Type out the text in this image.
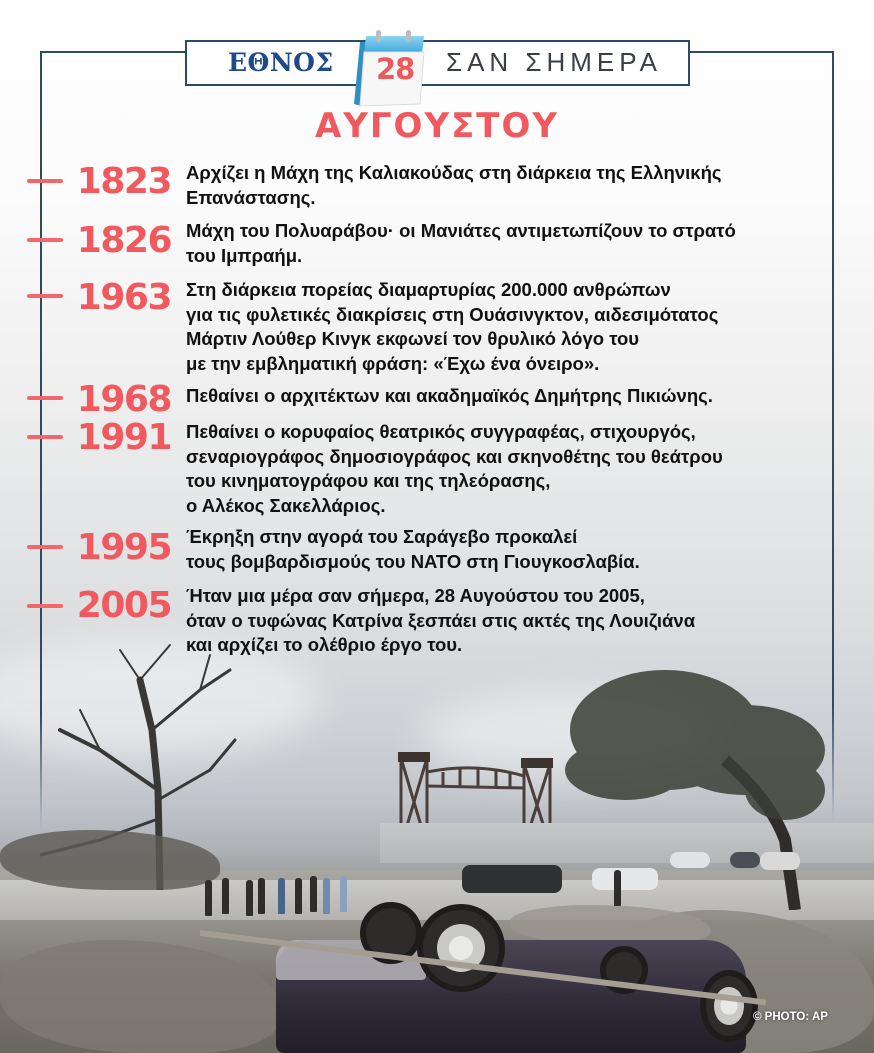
ΕΘΝΟΣ 28 ΣΑΝ ΣΗΜΕΡΑ
ΑΥΓΟΥΣΤΟΥ
1823 Αρχίζει η Μάχη της Καλιακούδας στη διάρκεια της Ελληνικής
Επανάστασης.
1826 Μάχη του Πολυαράβου· οι Μανιάτες αντιμετωπίζουν το στρατό
του Ιμπραήμ.
1963 Στη διάρκεια πορείας διαμαρτυρίας 200.000 ανθρώπων
για τις φυλετικές διακρίσεις στη Ουάσινγκτον, αιδεσιμότατος
Μάρτιν Λούθερ Κινγκ εκφωνεί τον θρυλικό λόγο του
με την εμβληματική φράση: «Έχω ένα όνειρο».
1968 Πεθαίνει ο αρχιτέκτων και ακαδημαϊκός Δημήτρης Πικιώνης.
1991 Πεθαίνει ο κορυφαίος θεατρικός συγγραφέας, στιχουργός,
σεναριογράφος δημοσιογράφος και σκηνοθέτης του θεάτρου
του κινηματογράφου και της τηλεόρασης,
ο Αλέκος Σακελλάριος.
1995 Έκρηξη στην αγορά του Σαράγεβο προκαλεί
τους βομβαρδισμούς του ΝΑΤΟ στη Γιουγκοσλαβία.
2005 Ήταν μια μέρα σαν σήμερα, 28 Αυγούστου του 2005,
όταν ο τυφώνας Κατρίνα ξεσπάει στις ακτές της Λουιζιάνα
και αρχίζει το ολέθριο έργο του.
© PHOTO: AP
